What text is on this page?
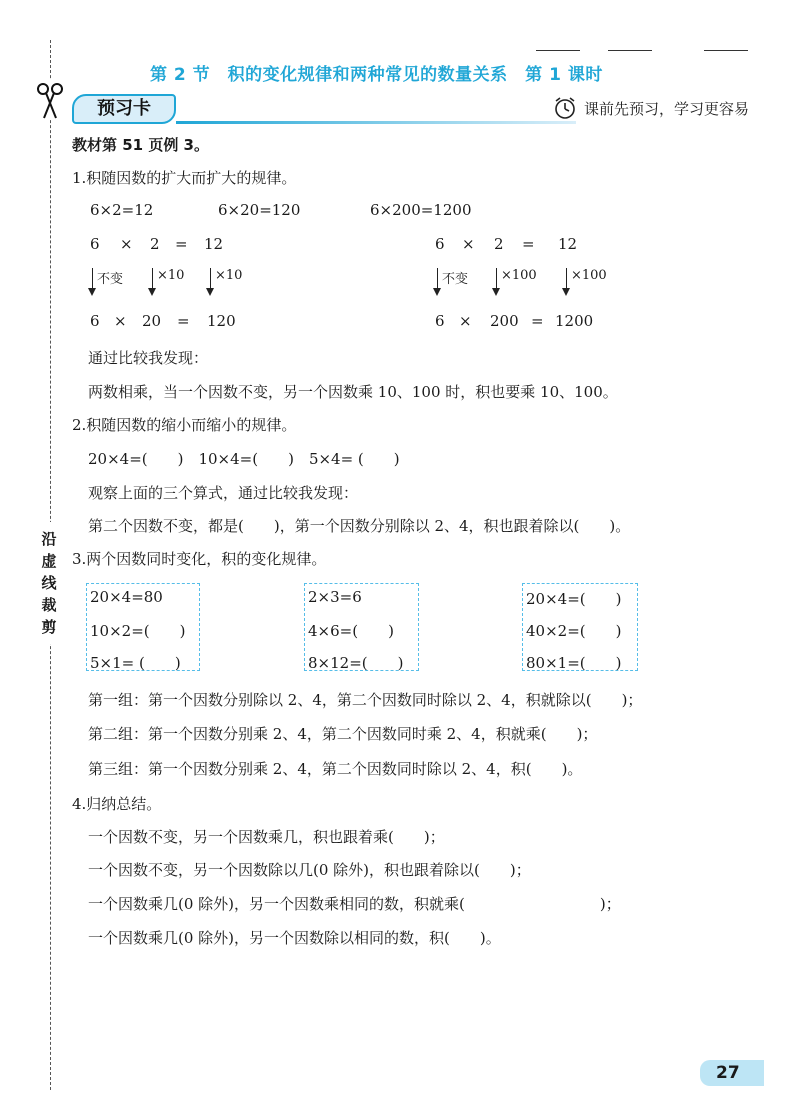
沿
虚
线
裁
剪
第 2 节　积的变化规律和两种常见的数量关系　第 1 课时
预习卡	课前先预习，学习更容易
教材第 51 页例 3。
1.积随因数的扩大而扩大的规律。
6×2=12	6×20=120	6×200=1200
6 × 2 = 12
不变	×10 ×10
6 × 20 = 120
6 × 2 = 12
不变	×100	×100
6 × 200 = 1200
通过比较我发现：
两数相乘，当一个因数不变，另一个因数乘 10、100 时，积也要乘 10、100。
2.积随因数的缩小而缩小的规律。
20×4=(　　)　10×4=(　　)　5×4= (　　)
观察上面的三个算式，通过比较我发现：
第二个因数不变，都是(　　)，第一个因数分别除以 2、4，积也跟着除以(　　)。
3.两个因数同时变化，积的变化规律。
20×4=80
10×2=(　　)
5×1= (　　)
2×3=6
4×6=(　　)
8×12=(　　)
20×4=(　　)
40×2=(　　)
80×1=(　　)
第一组：第一个因数分别除以 2、4，第二个因数同时除以 2、4，积就除以(　　)；
第二组：第一个因数分别乘 2、4，第二个因数同时乘 2、4，积就乘(　　)；
第三组：第一个因数分别乘 2、4，第二个因数同时除以 2、4，积(　　)。
4.归纳总结。
一个因数不变，另一个因数乘几，积也跟着乘(　　)；
一个因数不变，另一个因数除以几(0 除外)，积也跟着除以(　　)；
一个因数乘几(0 除外)，另一个因数乘相同的数，积就乘(　　　　　　　　　)；
一个因数乘几(0 除外)，另一个因数除以相同的数，积(　　)。
27
